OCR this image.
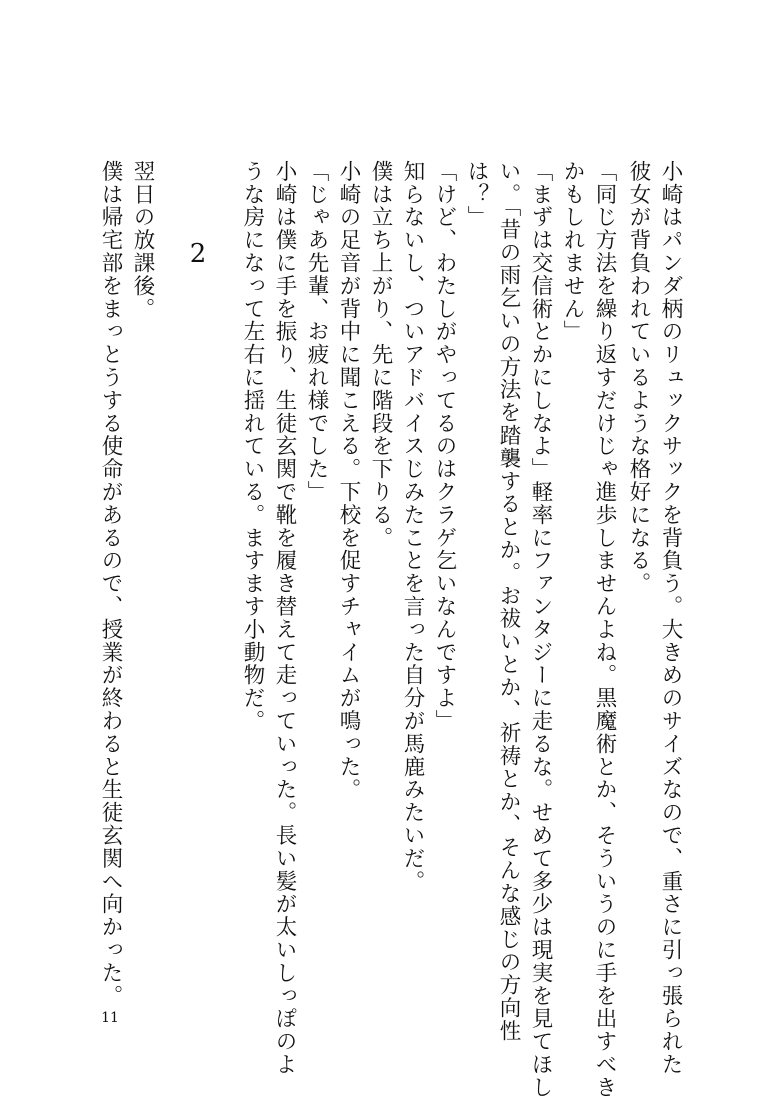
小崎はパンダ柄のリュックサックを背負う。大きめのサイズなので、重さに引っ張られた
彼女が背負われているような格好になる。
「同じ方法を繰り返すだけじゃ進歩しませんよね。黒魔術とか、そういうのに手を出すべき
かもしれません」
「まずは交信術とかにしなよ」軽率にファンタジーに走るな。せめて多少は現実を見てほし
い。「昔の雨乞いの方法を踏襲するとか。お祓いとか、祈祷とか、そんな感じの方向性
は？」
「けど、わたしがやってるのはクラゲ乞いなんですよ」
知らないし、ついアドバイスじみたことを言った自分が馬鹿みたいだ。
僕は立ち上がり、先に階段を下りる。
小崎の足音が背中に聞こえる。下校を促すチャイムが鳴った。
「じゃあ先輩、お疲れ様でした」
小崎は僕に手を振り、生徒玄関で靴を履き替えて走っていった。長い髪が太いしっぽのよ
うな房になって左右に揺れている。ますます小動物だ。
2
翌日の放課後。
僕は帰宅部をまっとうする使命があるので、授業が終わると生徒玄関へ向かった。
11
